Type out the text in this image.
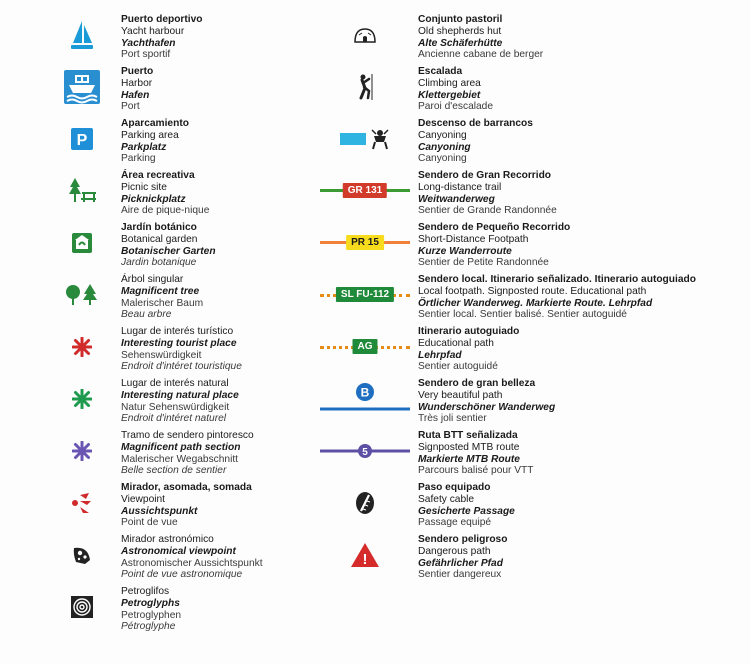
Puerto deportivo
Yacht harbour
Yachthafen
Port sportif
Puerto
Harbor
Hafen
Port
P
Aparcamiento
Parking area
Parkplatz
Parking
Área recreativa
Picnic site
Picknickplatz
Aire de pique-nique
Jardín botánico
Botanical garden
Botanischer Garten
Jardin botanique
Árbol singular
Magnificent tree
Malerischer Baum
Beau arbre
Lugar de interés turístico
Interesting tourist place
Sehenswürdigkeit
Endroit d'intéret touristique
Lugar de interés natural
Interesting natural place
Natur Sehenswürdigkeit
Endroit d'intéret naturel
Tramo de sendero pintoresco
Magnificent path section
Malerischer Wegabschnitt
Belle section de sentier
Mirador, asomada, somada
Viewpoint
Aussichtspunkt
Point de vue
Mirador astronómico
Astronomical viewpoint
Astronomischer Aussichtspunkt
Point de vue astronomique
Petroglifos
Petroglyphs
Petroglyphen
Pétroglyphe
Conjunto pastoril
Old shepherds hut
Alte Schäferhütte
Ancienne cabane de berger
Escalada
Climbing area
Klettergebiet
Paroi d'escalade
Descenso de barrancos
Canyoning
Canyoning
Canyoning
GR 131
Sendero de Gran Recorrido
Long-distance trail
Weitwanderweg
Sentier de Grande Randonnée
PR 15
Sendero de Pequeño Recorrido
Short-Distance Footpath
Kurze Wanderroute
Sentier de Petite Randonnée
SL FU-112
Sendero local. Itinerario señalizado. Itinerario autoguiado
Local footpath. Signposted route. Educational path
Örtlicher Wanderweg. Markierte Route. Lehrpfad
Sentier local. Sentier balisé. Sentier autoguidé
AG
Itinerario autoguiado
Educational path
Lehrpfad
Sentier autoguidé
B
Sendero de gran belleza
Very beautiful path
Wunderschöner Wanderweg
Très joli sentier
5
Ruta BTT señalizada
Signposted MTB route
Markierte MTB Route
Parcours balisé pour VTT
Paso equipado
Safety cable
Gesicherte Passage
Passage equipé
!
Sendero peligroso
Dangerous path
Gefährlicher Pfad
Sentier dangereux
